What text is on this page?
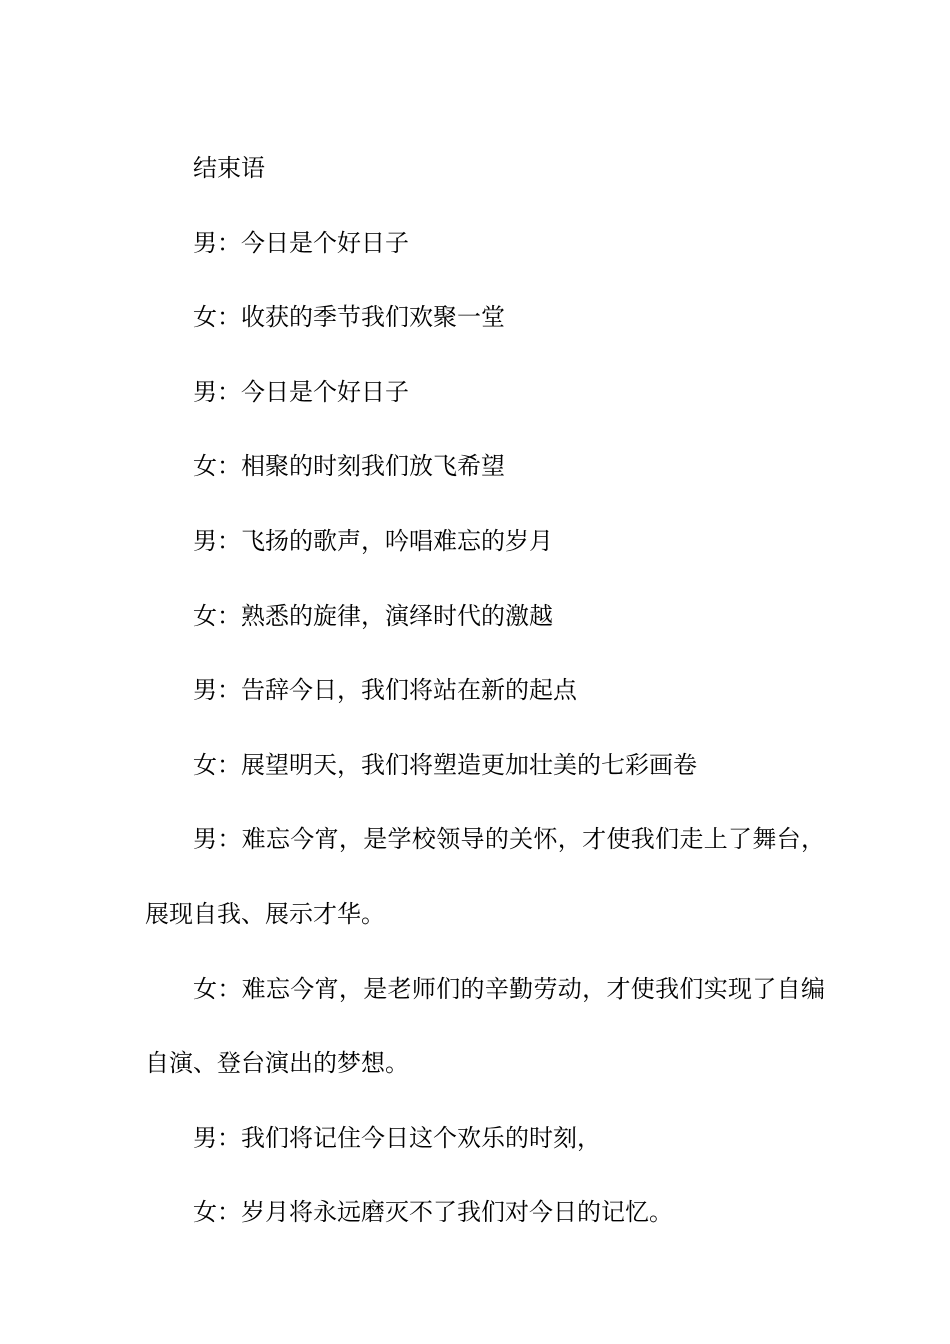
结束语

男：今日是个好日子

女：收获的季节我们欢聚一堂

男：今日是个好日子

女：相聚的时刻我们放飞希望

男：飞扬的歌声，吟唱难忘的岁月

女：熟悉的旋律，演绎时代的激越

男：告辞今日，我们将站在新的起点

女：展望明天，我们将塑造更加壮美的七彩画卷

男：难忘今宵，是学校领导的关怀，才使我们走上了舞台，展现自我、展示才华。

女：难忘今宵，是老师们的辛勤劳动，才使我们实现了自编自演、登台演出的梦想。

男：我们将记住今日这个欢乐的时刻，

女：岁月将永远磨灭不了我们对今日的记忆。
